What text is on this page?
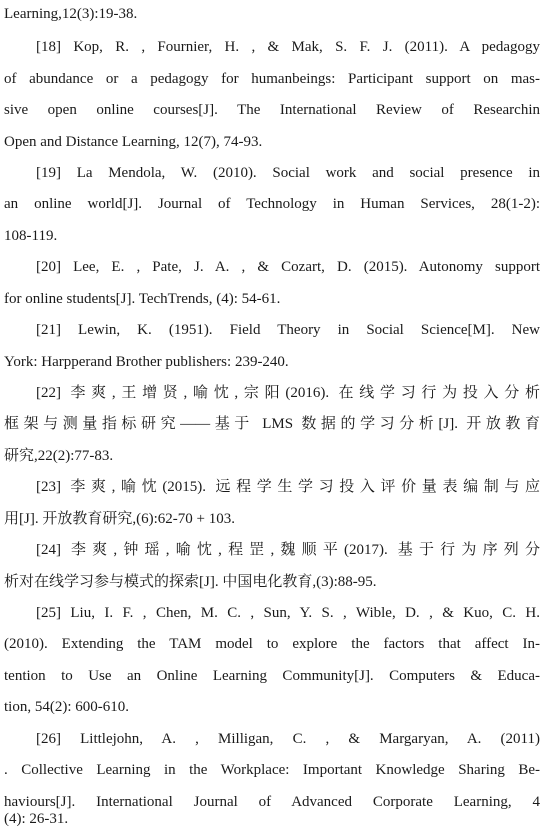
Learning,12(3):19-38.
[18] Kop, R. , Fournier, H. , & Mak, S. F. J. (2011). A pedagogy
of abundance or a pedagogy for humanbeings: Participant support on mas-
sive open online courses[J]. The International Review of Researchin
Open and Distance Learning, 12(7), 74-93.
[19] La Mendola, W. (2010). Social work and social presence in
an online world[J]. Journal of Technology in Human Services, 28(1-2):
108-119.
[20] Lee, E. , Pate, J. A. , & Cozart, D. (2015). Autonomy support
for online students[J]. TechTrends, (4): 54-61.
[21] Lewin, K. (1951). Field Theory in Social Science[M]. New
York: Harpperand Brother publishers: 239-240.
[22] 李爽,王增贤,喻忱,宗阳(2016). 在线学习行为投入分析
框架与测量指标研究——基于 LMS 数据的学习分析[J]. 开放教育
研究,22(2):77-83.
[23] 李爽,喻忱(2015). 远程学生学习投入评价量表编制与应
用[J]. 开放教育研究,(6):62-70 + 103.
[24] 李爽,钟瑶,喻忱,程罡,魏顺平(2017). 基于行为序列分
析对在线学习参与模式的探索[J]. 中国电化教育,(3):88-95.
[25] Liu, I. F. , Chen, M. C. , Sun, Y. S. , Wible, D. , & Kuo, C. H.
(2010). Extending the TAM model to explore the factors that affect In-
tention to Use an Online Learning Community[J]. Computers & Educa-
tion, 54(2): 600-610.
[26] Littlejohn, A. , Milligan, C. , & Margaryan, A. (2011)
. Collective Learning in the Workplace: Important Knowledge Sharing Be-
haviours[J]. International Journal of Advanced Corporate Learning, 4
(4): 26-31.
